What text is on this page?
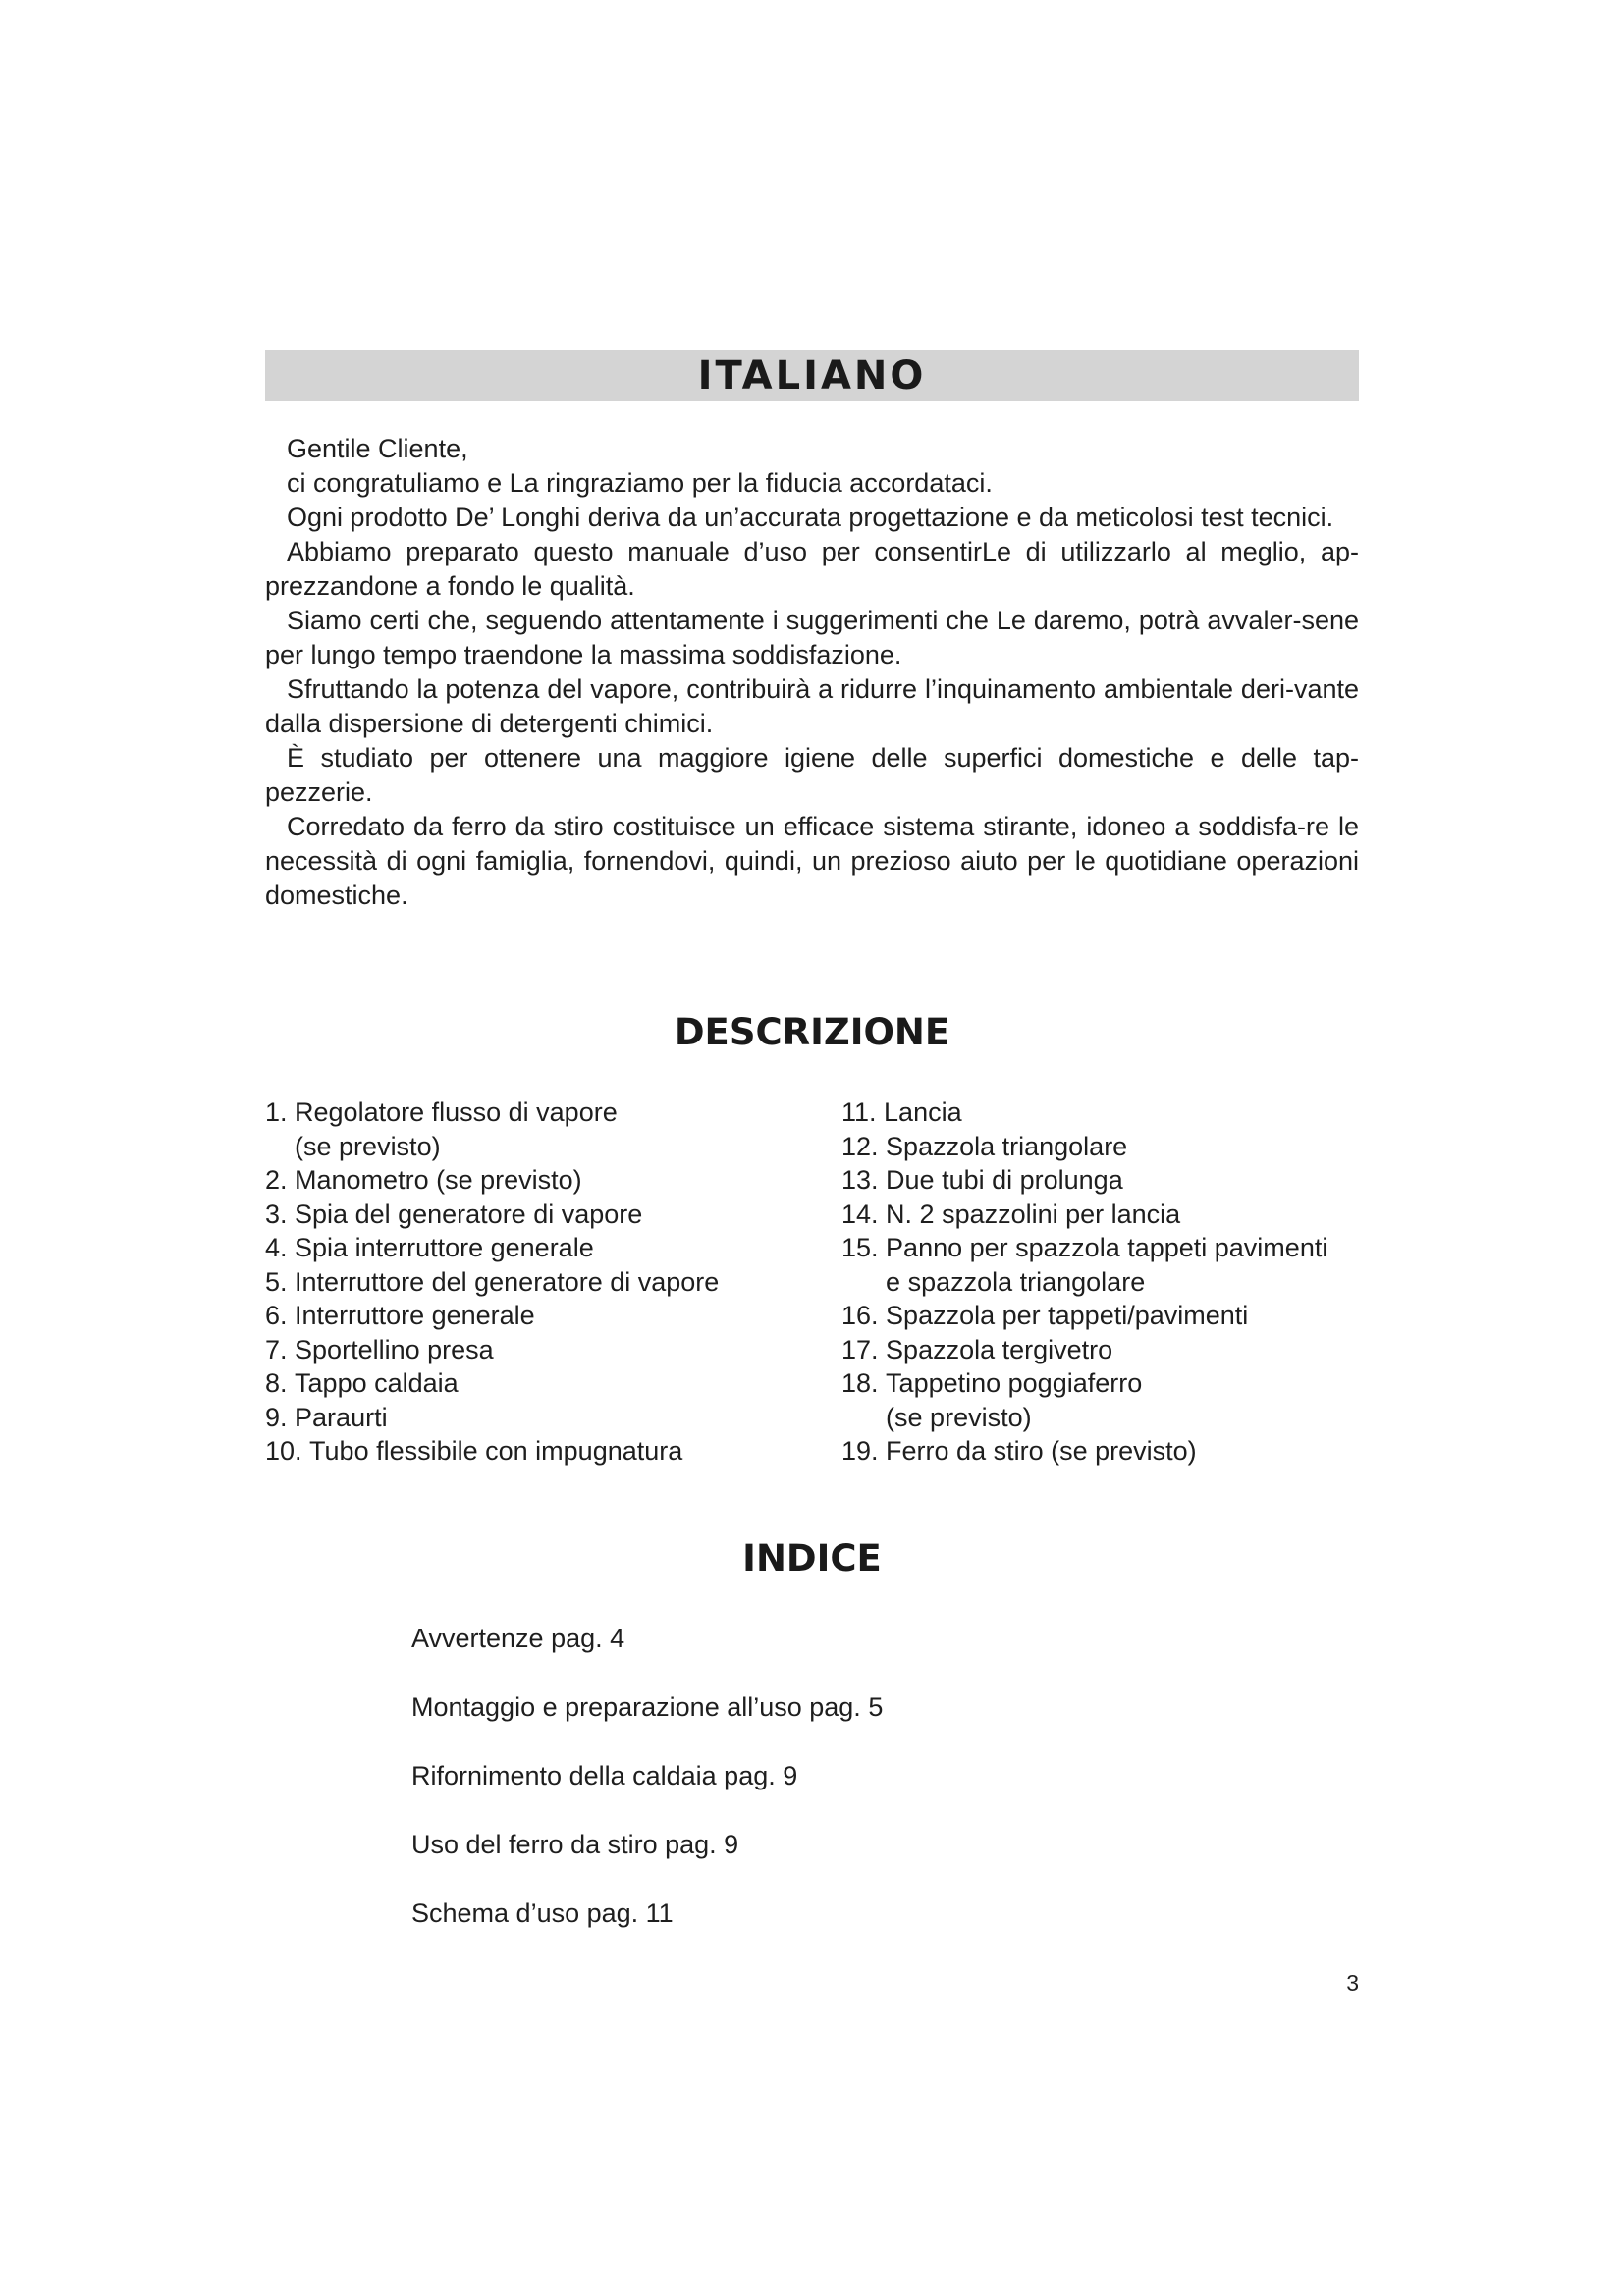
ITALIANO

Gentile Cliente,

ci congratuliamo e La ringraziamo per la fiducia accordataci.

Ogni prodotto De’ Longhi deriva da un’accurata progettazione e da meticolosi test tecnici.

Abbiamo preparato questo manuale d’uso per consentirLe di utilizzarlo al meglio, ap-prezzandone a fondo le qualità.

Siamo certi che, seguendo attentamente i suggerimenti che Le daremo, potrà avvaler-sene per lungo tempo traendone la massima soddisfazione.

Sfruttando la potenza del vapore, contribuirà a ridurre l’inquinamento ambientale deri-vante dalla dispersione di detergenti chimici.

È studiato per ottenere una maggiore igiene delle superfici domestiche e delle tap-pezzerie.

Corredato da ferro da stiro costituisce un efficace sistema stirante, idoneo a soddisfa-re le necessità di ogni famiglia, fornendovi, quindi, un prezioso aiuto per le quotidiane operazioni domestiche.

DESCRIZIONE
1. Regolatore flusso di vapore
(se previsto)
2. Manometro (se previsto)
3. Spia del generatore di vapore
4. Spia interruttore generale
5. Interruttore del generatore di vapore
6. Interruttore generale
7. Sportellino presa
8. Tappo caldaia
9. Paraurti
10. Tubo flessibile con impugnatura
11. Lancia
12. Spazzola triangolare
13. Due tubi di prolunga
14. N. 2 spazzolini per lancia
15. Panno per spazzola tappeti pavimenti
e spazzola triangolare
16. Spazzola per tappeti/pavimenti
17. Spazzola tergivetro
18. Tappetino poggiaferro
(se previsto)
19. Ferro da stiro (se previsto)
INDICE
Avvertenze pag. 4
Montaggio e preparazione all’uso pag. 5
Rifornimento della caldaia pag. 9
Uso del ferro da stiro pag. 9
Schema d’uso pag. 11
3
